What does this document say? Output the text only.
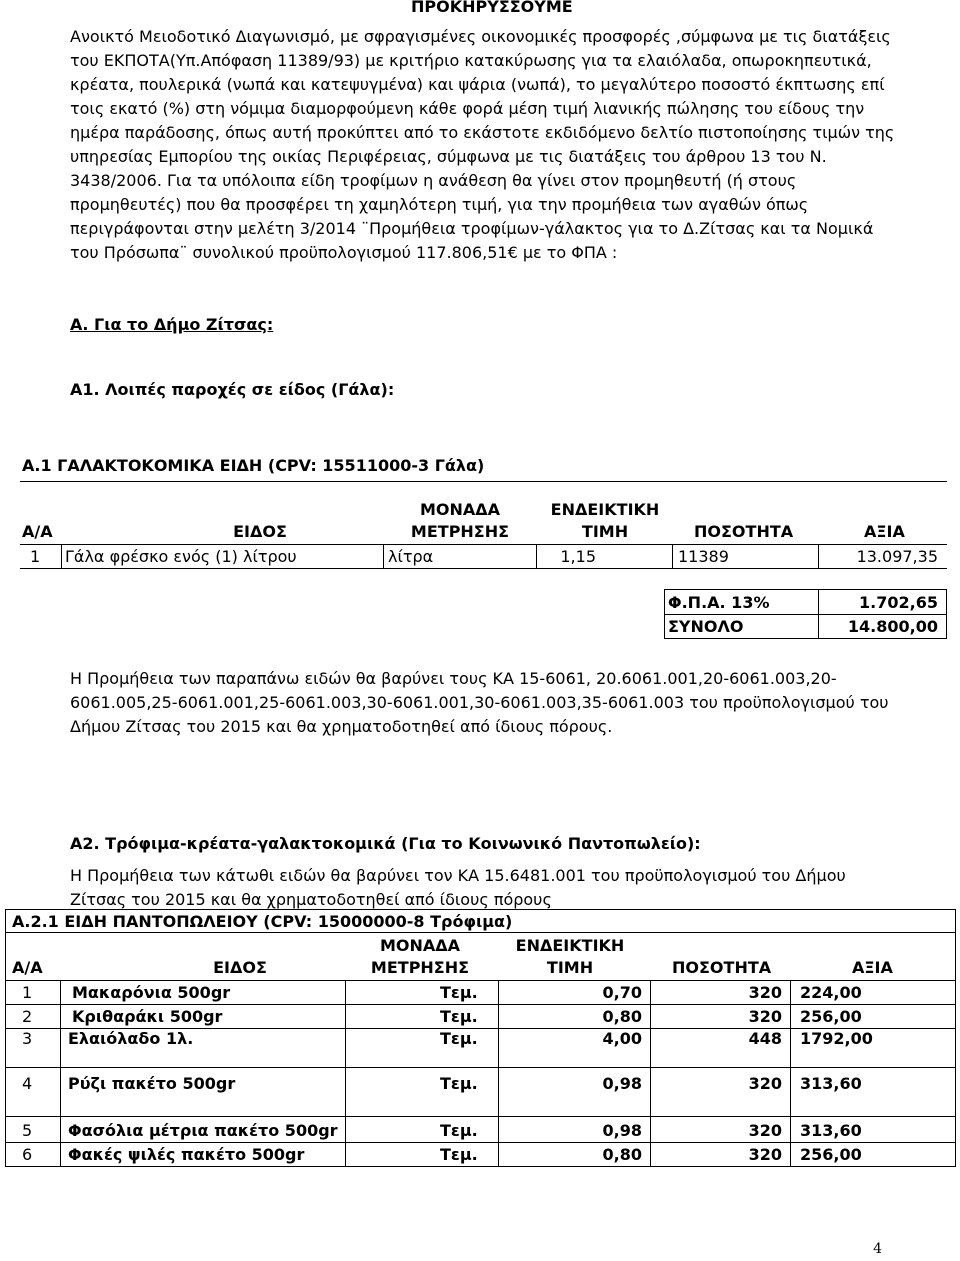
ΠΡΟΚΗΡΥΣΣΟΥΜΕ
Ανοικτό Μειοδοτικό Διαγωνισμό, με σφραγισμένες οικονομικές προσφορές ,σύμφωνα με τις διατάξεις
του ΕΚΠΟΤΑ(Υπ.Απόφαση 11389/93) με κριτήριο κατακύρωσης για τα ελαιόλαδα, οπωροκηπευτικά,
κρέατα, πουλερικά (νωπά και κατεψυγμένα) και ψάρια (νωπά), το μεγαλύτερο ποσοστό έκπτωσης επί
τοις εκατό (%) στη νόμιμα διαμορφούμενη κάθε φορά μέση τιμή λιανικής πώλησης του είδους την
ημέρα παράδοσης, όπως αυτή προκύπτει από το εκάστοτε εκδιδόμενο δελτίο πιστοποίησης τιμών της
υπηρεσίας Εμπορίου της οικίας Περιφέρειας, σύμφωνα με τις διατάξεις του άρθρου 13 του Ν.
3438/2006. Για τα υπόλοιπα είδη τροφίμων η ανάθεση θα γίνει στον προμηθευτή (ή στους
προμηθευτές) που θα προσφέρει τη χαμηλότερη τιμή, για την προμήθεια των αγαθών όπως
περιγράφονται στην μελέτη 3/2014 ¨Προμήθεια τροφίμων-γάλακτος για το Δ.Ζίτσας και τα Νομικά
του Πρόσωπα¨ συνολικού προϋπολογισμού 117.806,51€ με το ΦΠΑ :
Α. Για το Δήμο Ζίτσας:
Α1. Λοιπές παροχές σε είδος (Γάλα):
Α.1 ΓΑΛΑΚΤΟΚΟΜΙΚΑ ΕΙΔΗ (CPV: 15511000-3 Γάλα)
Α/Α	ΕΙΔΟΣ
ΜΟΝΑΔΑ
ΜΕΤΡΗΣΗΣ
ΕΝΔΕΙΚΤΙΚΗ
ΤΙΜΗ	ΠΟΣΟΤΗΤΑ	ΑΞΙΑ
1 Γάλα φρέσκο ενός (1) λίτρου	λίτρα	1,15	11389	13.097,35
Φ.Π.Α. 13%	1.702,65
ΣΥΝΟΛΟ	14.800,00
Η Προμήθεια των παραπάνω ειδών θα βαρύνει τους ΚΑ 15-6061, 20.6061.001,20-6061.003,20-
6061.005,25-6061.001,25-6061.003,30-6061.001,30-6061.003,35-6061.003 του προϋπολογισμού του
Δήμου Ζίτσας του 2015 και θα χρηματοδοτηθεί από ίδιους πόρους.
Α2. Τρόφιμα-κρέατα-γαλακτοκομικά (Για το Κοινωνικό Παντοπωλείο):
Η Προμήθεια των κάτωθι ειδών θα βαρύνει τον ΚΑ 15.6481.001 του προϋπολογισμού του Δήμου
Ζίτσας του 2015 και θα χρηματοδοτηθεί από ίδιους πόρους
Α.2.1 ΕΙΔΗ ΠΑΝΤΟΠΩΛΕΙΟΥ (CPV: 15000000-8 Τρόφιμα)
Α/Α	ΕΙΔΟΣ
ΜΟΝΑΔΑ
ΜΕΤΡΗΣΗΣ
ΕΝΔΕΙΚΤΙΚΗ
ΤΙΜΗ	ΠΟΣΟΤΗΤΑ	ΑΞΙΑ
1 Μακαρόνια 500gr	Τεμ.	0,70	320 224,00
2 Κριθαράκι 500gr	Τεμ.	0,80	320 256,00
3 Ελαιόλαδο 1λ.	Τεμ.	4,00	448 1792,00
4 Ρύζι πακέτο 500gr	Τεμ.	0,98	320 313,60
5 Φασόλια μέτρια πακέτο 500gr	Τεμ.	0,98	320 313,60
6 Φακές ψιλές πακέτο 500gr	Τεμ.	0,80	320 256,00
4
